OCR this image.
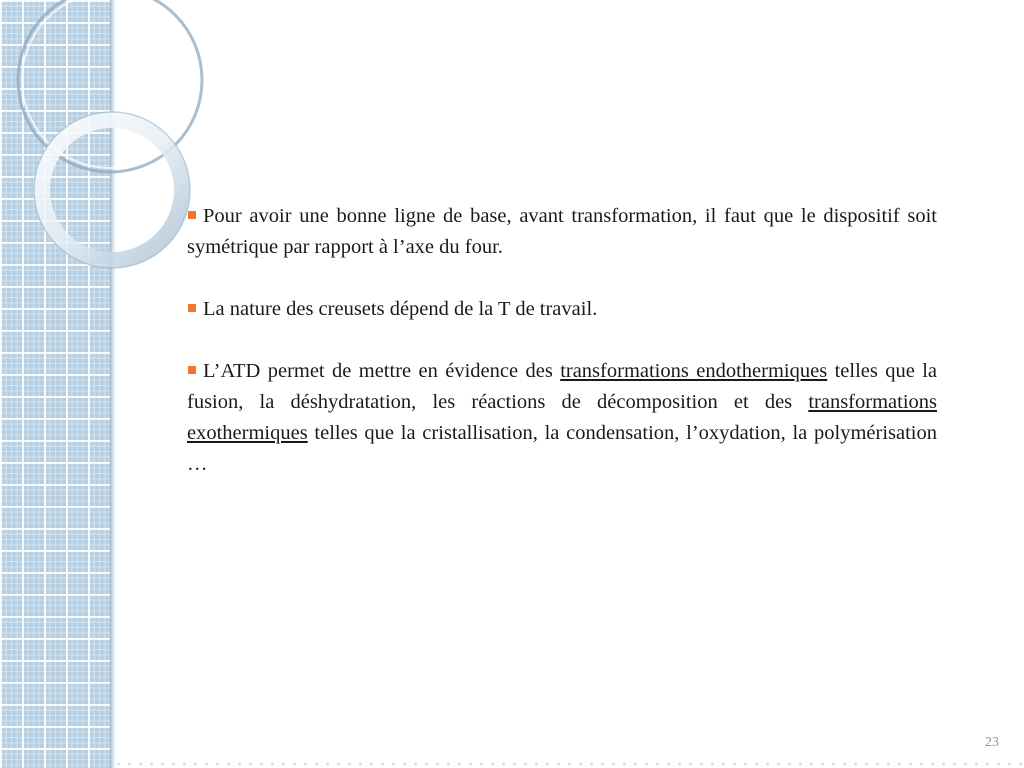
Pour avoir une bonne ligne de base, avant transformation, il faut que le dispositif soit symétrique par rapport à l’axe du four.

La nature des creusets dépend de la T de travail.

L’ATD permet de mettre en évidence des transformations endothermiques telles que la fusion, la déshydratation, les réactions de décomposition et des transformations exothermiques telles que la cristallisation, la condensation, l’oxydation, la polymérisation …

23
